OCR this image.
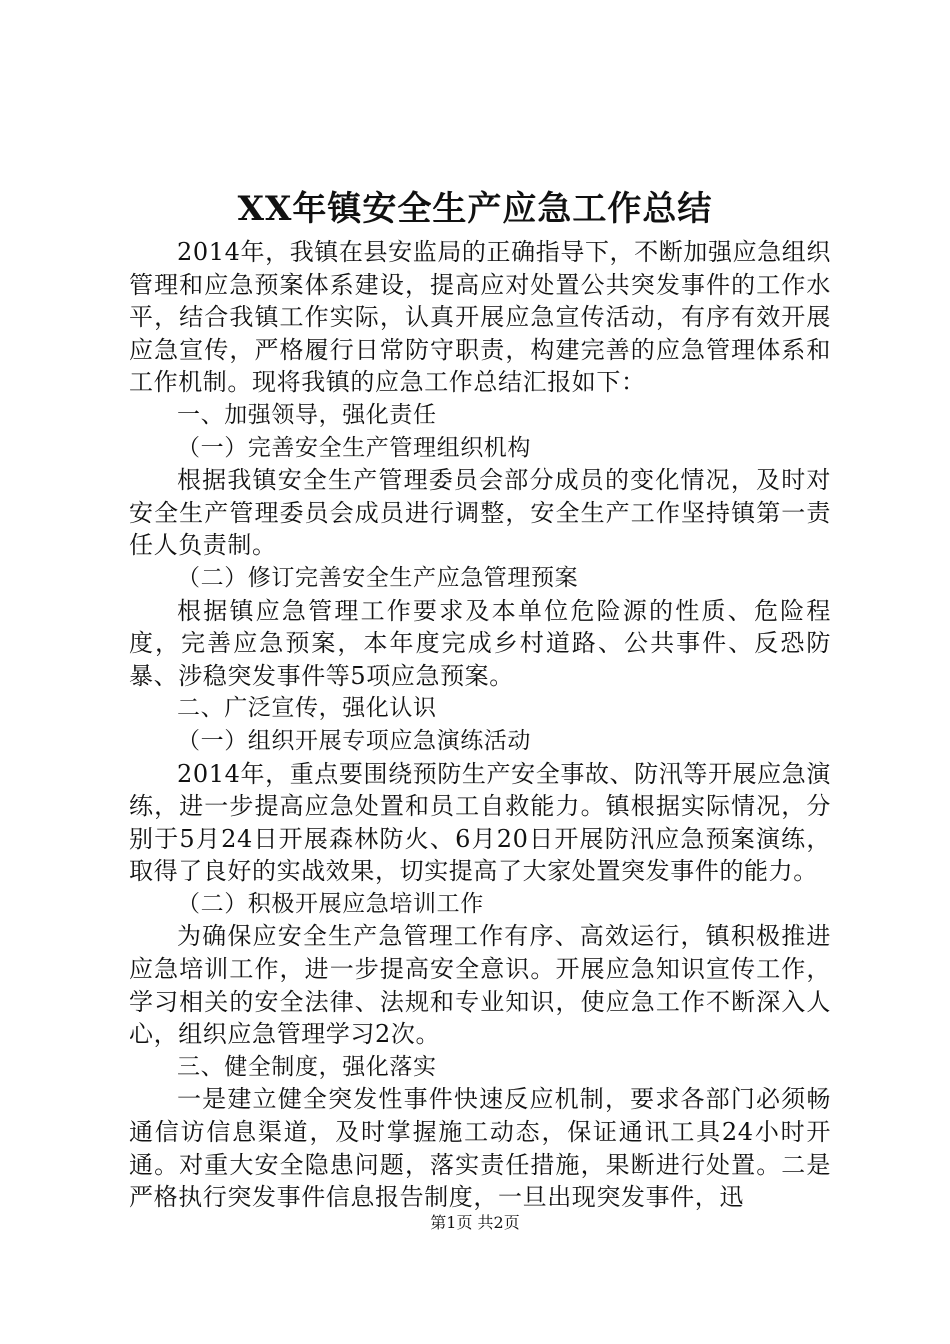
XX年镇安全生产应急工作总结

2014年，我镇在县安监局的正确指导下，不断加强应急组织管理和应急预案体系建设，提高应对处置公共突发事件的工作水平，结合我镇工作实际，认真开展应急宣传活动，有序有效开展应急宣传，严格履行日常防守职责，构建完善的应急管理体系和工作机制。现将我镇的应急工作总结汇报如下：

一、加强领导，强化责任

（一）完善安全生产管理组织机构

根据我镇安全生产管理委员会部分成员的变化情况，及时对安全生产管理委员会成员进行调整，安全生产工作坚持镇第一责任人负责制。

（二）修订完善安全生产应急管理预案

根据镇应急管理工作要求及本单位危险源的性质、危险程度，完善应急预案，本年度完成乡村道路、公共事件、反恐防暴、涉稳突发事件等5项应急预案。

二、广泛宣传，强化认识

（一）组织开展专项应急演练活动

2014年，重点要围绕预防生产安全事故、防汛等开展应急演练，进一步提高应急处置和员工自救能力。镇根据实际情况，分别于5月24日开展森林防火、6月20日开展防汛应急预案演练，取得了良好的实战效果，切实提高了大家处置突发事件的能力。

（二）积极开展应急培训工作

为确保应安全生产急管理工作有序、高效运行，镇积极推进应急培训工作，进一步提高安全意识。开展应急知识宣传工作，学习相关的安全法律、法规和专业知识，使应急工作不断深入人心，组织应急管理学习2次。

三、健全制度，强化落实

一是建立健全突发性事件快速反应机制，要求各部门必须畅通信访信息渠道，及时掌握施工动态，保证通讯工具24小时开通。对重大安全隐患问题，落实责任措施，果断进行处置。二是严格执行突发事件信息报告制度，一旦出现突发事件，迅

第1页 共2页
